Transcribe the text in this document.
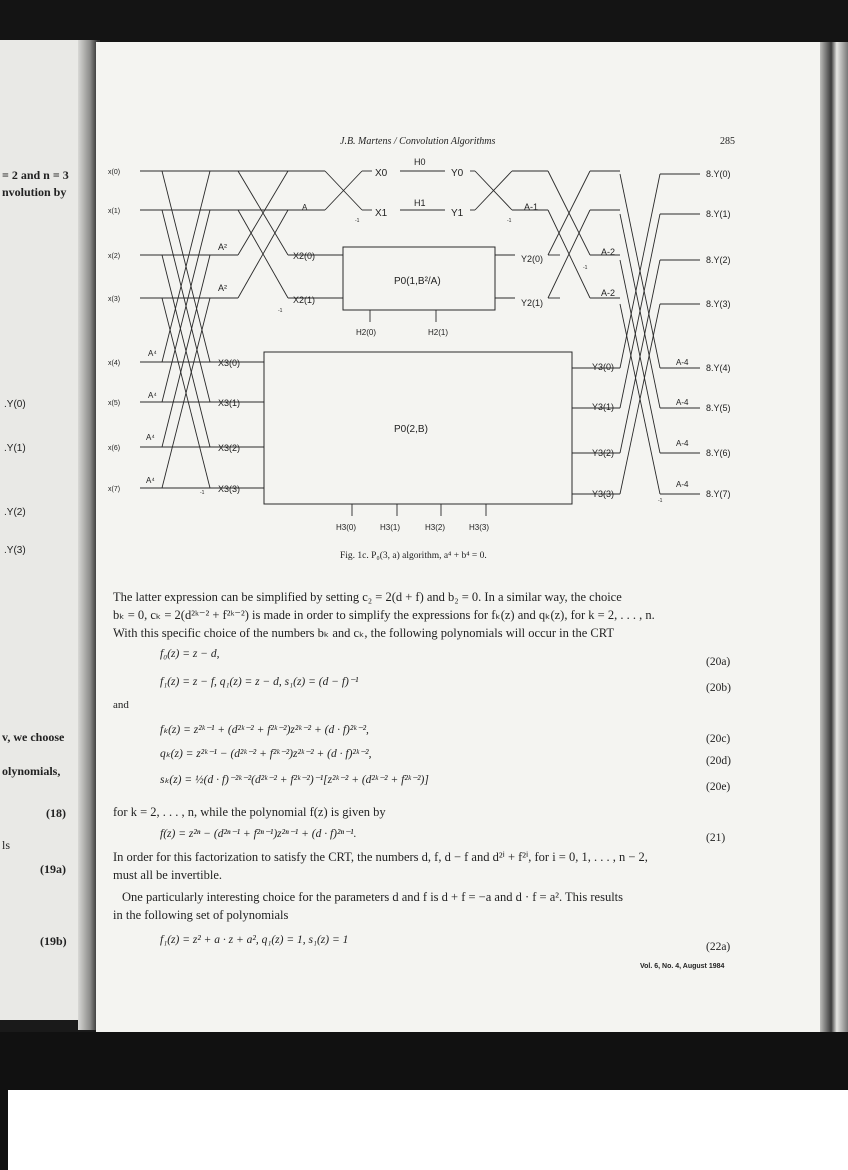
= 2 and n = 3
nvolution by
.Y(0)
.Y(1)
.Y(2)
.Y(3)
v, we choose
olynomials,
(18)
ls
(19a)
(19b)
J.B. Martens / Convolution Algorithms	285
P0(1,B²/A)
P0(2,B)
x(0)
x(1)
x(2)
x(3)
x(4)
x(5)
x(6)
x(7)
8.Y(0)
8.Y(1)
8.Y(2)
8.Y(3)
8.Y(4)
8.Y(5)
8.Y(6)
8.Y(7)
A²
A²
A⁴
A⁴
A⁴
A⁴
X0
X1
Y0
Y1
H0
H1
A	A-1
X2(0)
X2(1)
Y2(0)
Y2(1)
H2(0)	H2(1)
A-2
A-2
X3(0)
X3(1)
X3(2)
X3(3)
Y3(0)
Y3(1)
Y3(2)
Y3(3)
H3(0)	H3(1)	H3(2)	H3(3)
A-4
A-4
A-4
A-4
-1	-1
-1
-1
-1
-1
Fig. 1c. P₀(3, a) algorithm, a⁴ + b⁴ = 0.
The latter expression can be simplified by setting c₂ = 2(d + f) and b₂ = 0. In a similar way, the choice
bₖ = 0, cₖ = 2(d²ᵏ⁻² + f²ᵏ⁻²) is made in order to simplify the expressions for fₖ(z) and qₖ(z), for k = 2, . . . , n.
With this specific choice of the numbers bₖ and cₖ, the following polynomials will occur in the CRT
f₀(z) = z − d,
(20a)
f₁(z) = z − f, q₁(z) = z − d, s₁(z) = (d − f)⁻¹	(20b)
and
fₖ(z) = z²ᵏ⁻¹ + (d²ᵏ⁻² + f²ᵏ⁻²)z²ᵏ⁻² + (d · f)²ᵏ⁻²,
(20c)
qₖ(z) = z²ᵏ⁻¹ − (d²ᵏ⁻² + f²ᵏ⁻²)z²ᵏ⁻² + (d · f)²ᵏ⁻²,
(20d)
sₖ(z) = ½(d · f)⁻²ᵏ⁻²(d²ᵏ⁻² + f²ᵏ⁻²)⁻¹[z²ᵏ⁻² + (d²ᵏ⁻² + f²ᵏ⁻²)]
(20e)
for k = 2, . . . , n, while the polynomial f(z) is given by
f(z) = z²ⁿ − (d²ⁿ⁻¹ + f²ⁿ⁻¹)z²ⁿ⁻¹ + (d · f)²ⁿ⁻¹.	(21)
In order for this factorization to satisfy the CRT, the numbers d, f, d − f and d²ⁱ + f²ⁱ, for i = 0, 1, . . . , n − 2,
must all be invertible.
One particularly interesting choice for the parameters d and f is d + f = −a and d · f = a². This results
in the following set of polynomials
f₁(z) = z² + a · z + a², q₁(z) = 1, s₁(z) = 1
(22a)
Vol. 6, No. 4, August 1984
